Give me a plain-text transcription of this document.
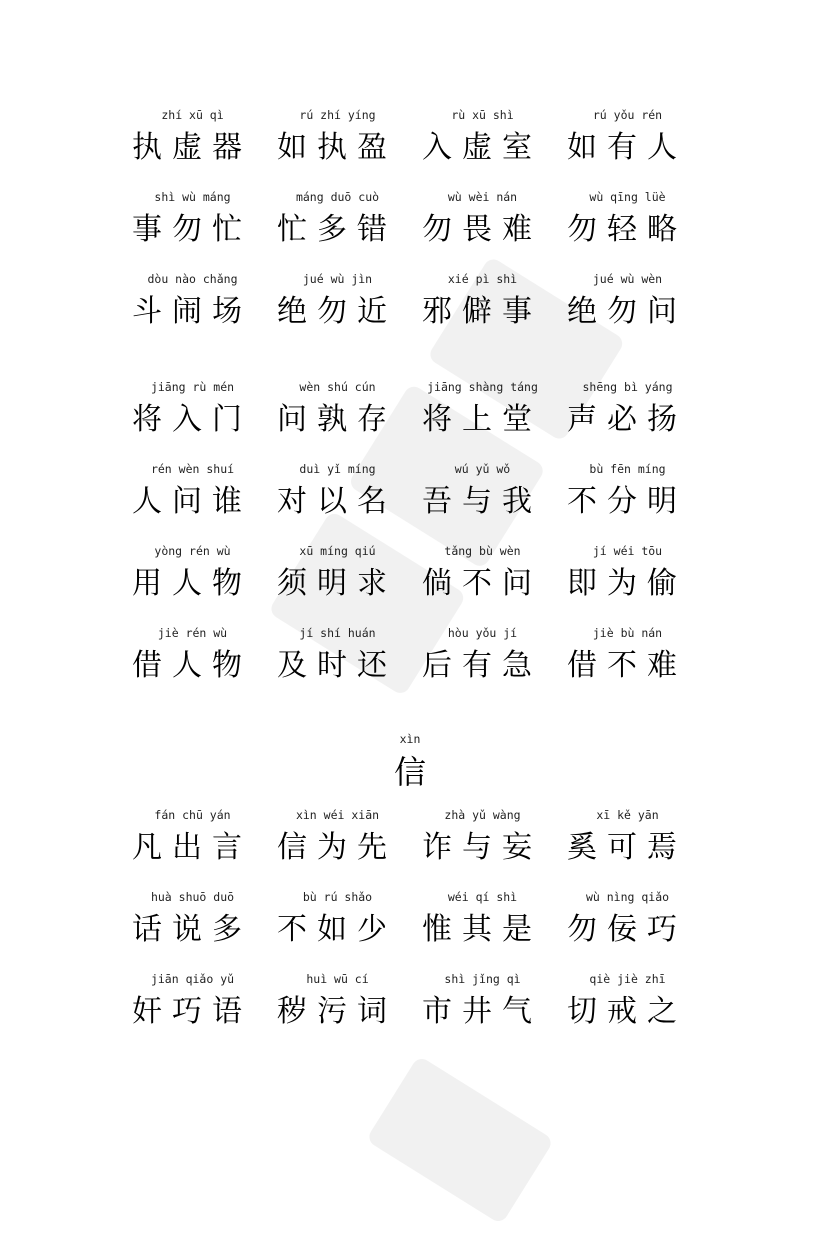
zhí xū qì
执虚器
rú zhí yíng
如执盈
rù xū shì
入虚室
rú yǒu rén
如有人
shì wù máng
事勿忙
máng duō cuò
忙多错
wù wèi nán
勿畏难
wù qīng lüè
勿轻略
dòu nào chǎng
斗闹场
jué wù jìn
绝勿近
xié pì shì
邪僻事
jué wù wèn
绝勿问
jiāng rù mén
将入门
wèn shú cún
问孰存
jiāng shàng táng
将上堂
shēng bì yáng
声必扬
rén wèn shuí
人问谁
duì yǐ míng
对以名
wú yǔ wǒ
吾与我
bù fēn míng
不分明
yòng rén wù
用人物
xū míng qiú
须明求
tǎng bù wèn
倘不问
jí wéi tōu
即为偷
jiè rén wù
借人物
jí shí huán
及时还
hòu yǒu jí
后有急
jiè bù nán
借不难
xìn
信
fán chū yán
凡出言
xìn wéi xiān
信为先
zhà yǔ wàng
诈与妄
xī kě yān
奚可焉
huà shuō duō
话说多
bù rú shǎo
不如少
wéi qí shì
惟其是
wù nìng qiǎo
勿佞巧
jiān qiǎo yǔ
奸巧语
huì wū cí
秽污词
shì jǐng qì
市井气
qiè jiè zhī
切戒之
